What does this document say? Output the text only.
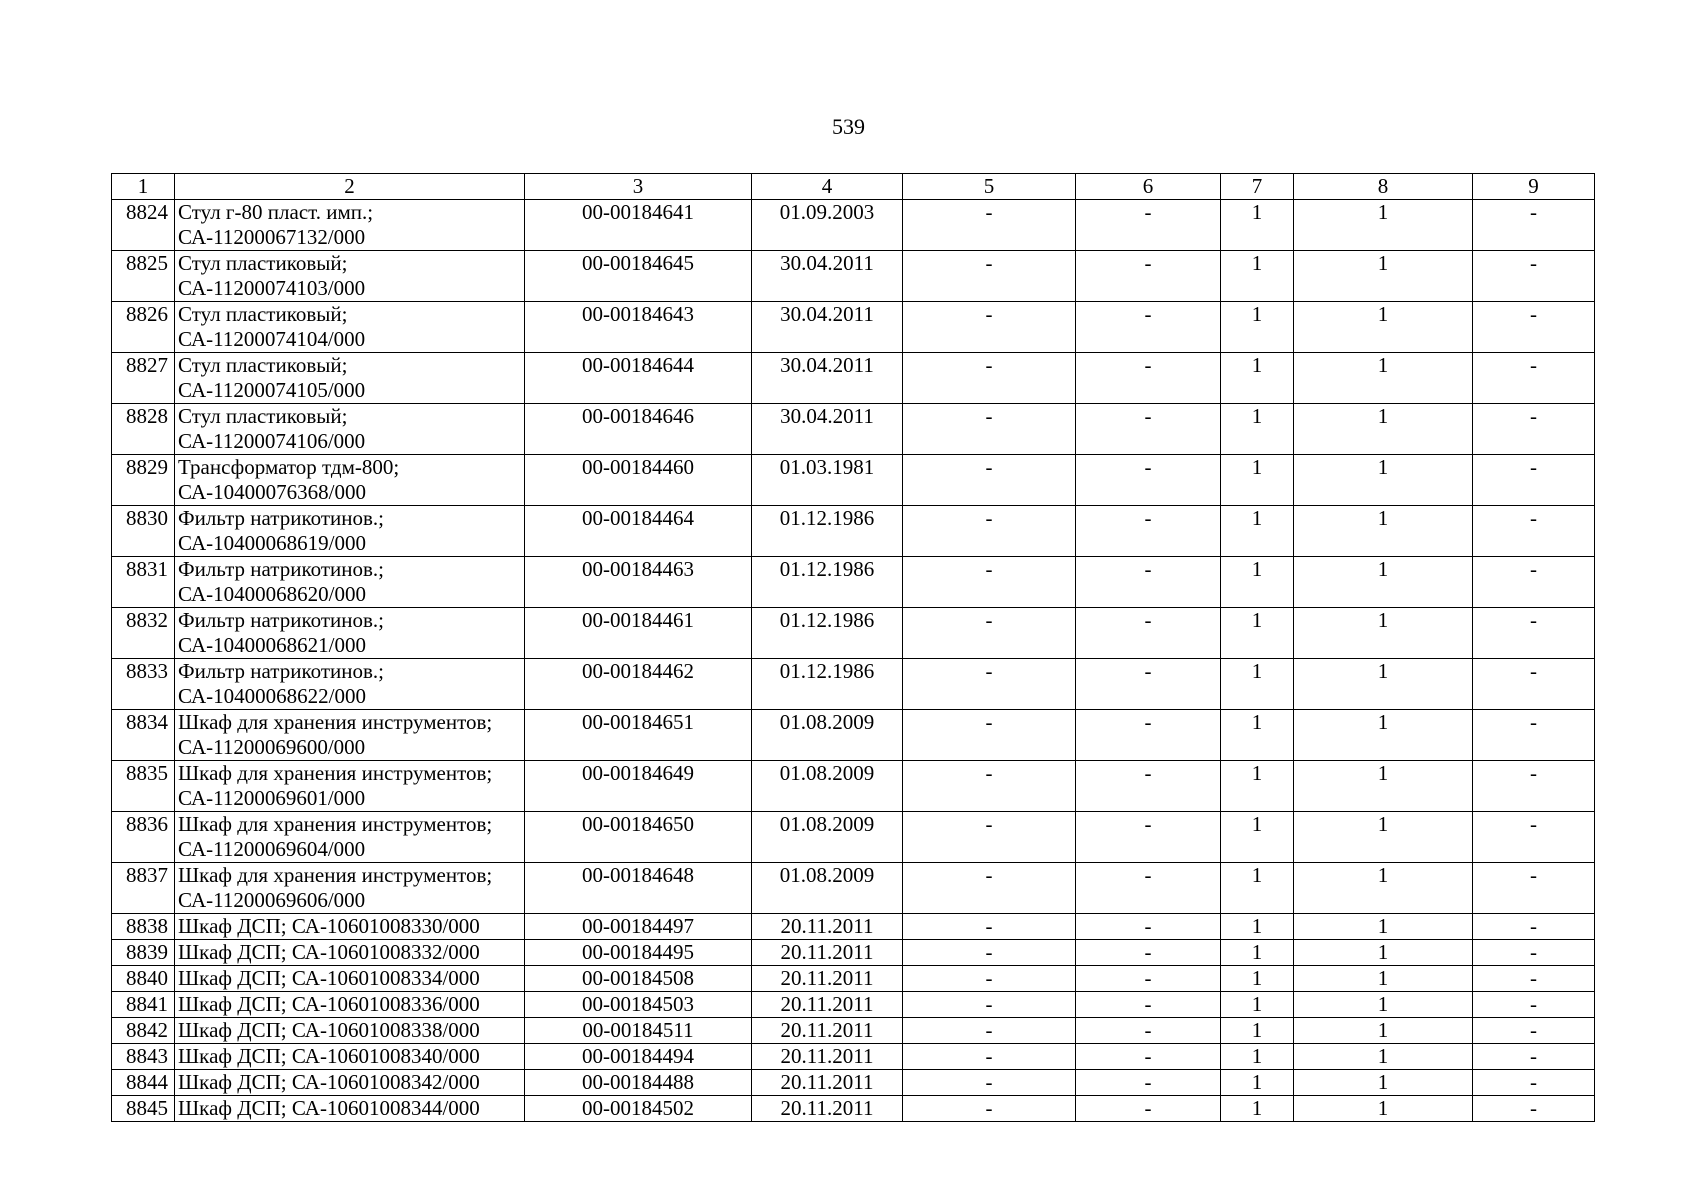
539
1	2	3	4	5	6	7	8	9
8824	Стул г-80 пласт. имп.; СА-11200067132/000	00-00184641	01.09.2003	-	-	1	1	-
8825	Стул пластиковый; СА-11200074103/000	00-00184645	30.04.2011	-	-	1	1	-
8826	Стул пластиковый; СА-11200074104/000	00-00184643	30.04.2011	-	-	1	1	-
8827	Стул пластиковый; СА-11200074105/000	00-00184644	30.04.2011	-	-	1	1	-
8828	Стул пластиковый; СА-11200074106/000	00-00184646	30.04.2011	-	-	1	1	-
8829	Трансформатор тдм-800; СА-10400076368/000	00-00184460	01.03.1981	-	-	1	1	-
8830	Фильтр натрикотинов.; СА-10400068619/000	00-00184464	01.12.1986	-	-	1	1	-
8831	Фильтр натрикотинов.; СА-10400068620/000	00-00184463	01.12.1986	-	-	1	1	-
8832	Фильтр натрикотинов.; СА-10400068621/000	00-00184461	01.12.1986	-	-	1	1	-
8833	Фильтр натрикотинов.; СА-10400068622/000	00-00184462	01.12.1986	-	-	1	1	-
8834	Шкаф для хранения инструментов; СА-11200069600/000	00-00184651	01.08.2009	-	-	1	1	-
8835	Шкаф для хранения инструментов; СА-11200069601/000	00-00184649	01.08.2009	-	-	1	1	-
8836	Шкаф для хранения инструментов; СА-11200069604/000	00-00184650	01.08.2009	-	-	1	1	-
8837	Шкаф для хранения инструментов; СА-11200069606/000	00-00184648	01.08.2009	-	-	1	1	-
8838	Шкаф ДСП; СА-10601008330/000	00-00184497	20.11.2011	-	-	1	1	-
8839	Шкаф ДСП; СА-10601008332/000	00-00184495	20.11.2011	-	-	1	1	-
8840	Шкаф ДСП; СА-10601008334/000	00-00184508	20.11.2011	-	-	1	1	-
8841	Шкаф ДСП; СА-10601008336/000	00-00184503	20.11.2011	-	-	1	1	-
8842	Шкаф ДСП; СА-10601008338/000	00-00184511	20.11.2011	-	-	1	1	-
8843	Шкаф ДСП; СА-10601008340/000	00-00184494	20.11.2011	-	-	1	1	-
8844	Шкаф ДСП; СА-10601008342/000	00-00184488	20.11.2011	-	-	1	1	-
8845	Шкаф ДСП; СА-10601008344/000	00-00184502	20.11.2011	-	-	1	1	-
